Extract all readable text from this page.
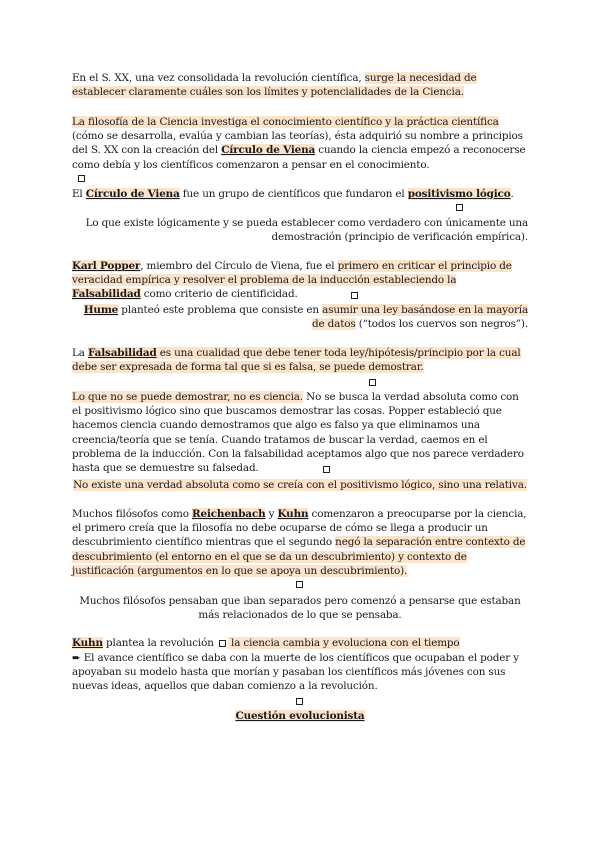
En el S. XX, una vez consolidada la revolución científica, surge la necesidad de establecer claramente cuáles son los límites y potencialidades de la Ciencia.

La filosofía de la Ciencia investiga el conocimiento científico y la práctica científica (cómo se desarrolla, evalúa y cambian las teorías), ésta adquirió su nombre a principios del S. XX con la creación del Círculo de Viena cuando la ciencia empezó a reconocerse como debía y los científicos comenzaron a pensar en el conocimiento.

El Círculo de Viena fue un grupo de científicos que fundaron el positivismo lógico.

Lo que existe lógicamente y se pueda establecer como verdadero con únicamente una demostración (principio de verificación empírica).

Karl Popper, miembro del Círculo de Viena, fue el primero en criticar el principio de veracidad empírica y resolver el problema de la inducción estableciendo la Falsabilidad como criterio de cientificidad.

Hume planteó este problema que consiste en asumir una ley basándose en la mayoría de datos (“todos los cuervos son negros”).

La Falsabilidad es una cualidad que debe tener toda ley/hipótesis/principio por la cual debe ser expresada de forma tal que si es falsa, se puede demostrar.

Lo que no se puede demostrar, no es ciencia. No se busca la verdad absoluta como con el positivismo lógico sino que buscamos demostrar las cosas. Popper estableció que hacemos ciencia cuando demostramos que algo es falso ya que eliminamos una creencia/teoría que se tenía. Cuando tratamos de buscar la verdad, caemos en el problema de la inducción. Con la falsabilidad aceptamos algo que nos parece verdadero hasta que se demuestre su falsedad.

No existe una verdad absoluta como se creía con el positivismo lógico, sino una relativa.

Muchos filósofos como Reichenbach y Kuhn comenzaron a preocuparse por la ciencia, el primero creía que la filosofía no debe ocuparse de cómo se llega a producir un descubrimiento científico mientras que el segundo negó la separación entre contexto de descubrimiento (el entorno en el que se da un descubrimiento) y contexto de justificación (argumentos en lo que se apoya un descubrimiento).

Muchos filósofos pensaban que iban separados pero comenzó a pensarse que estaban más relacionados de lo que se pensaba.

Kuhn plantea la revolución  la ciencia cambia y evoluciona con el tiempo

➨ El avance científico se daba con la muerte de los científicos que ocupaban el poder y apoyaban su modelo hasta que morían y pasaban los científicos más jóvenes con sus nuevas ideas, aquellos que daban comienzo a la revolución.

Cuestión evolucionista
